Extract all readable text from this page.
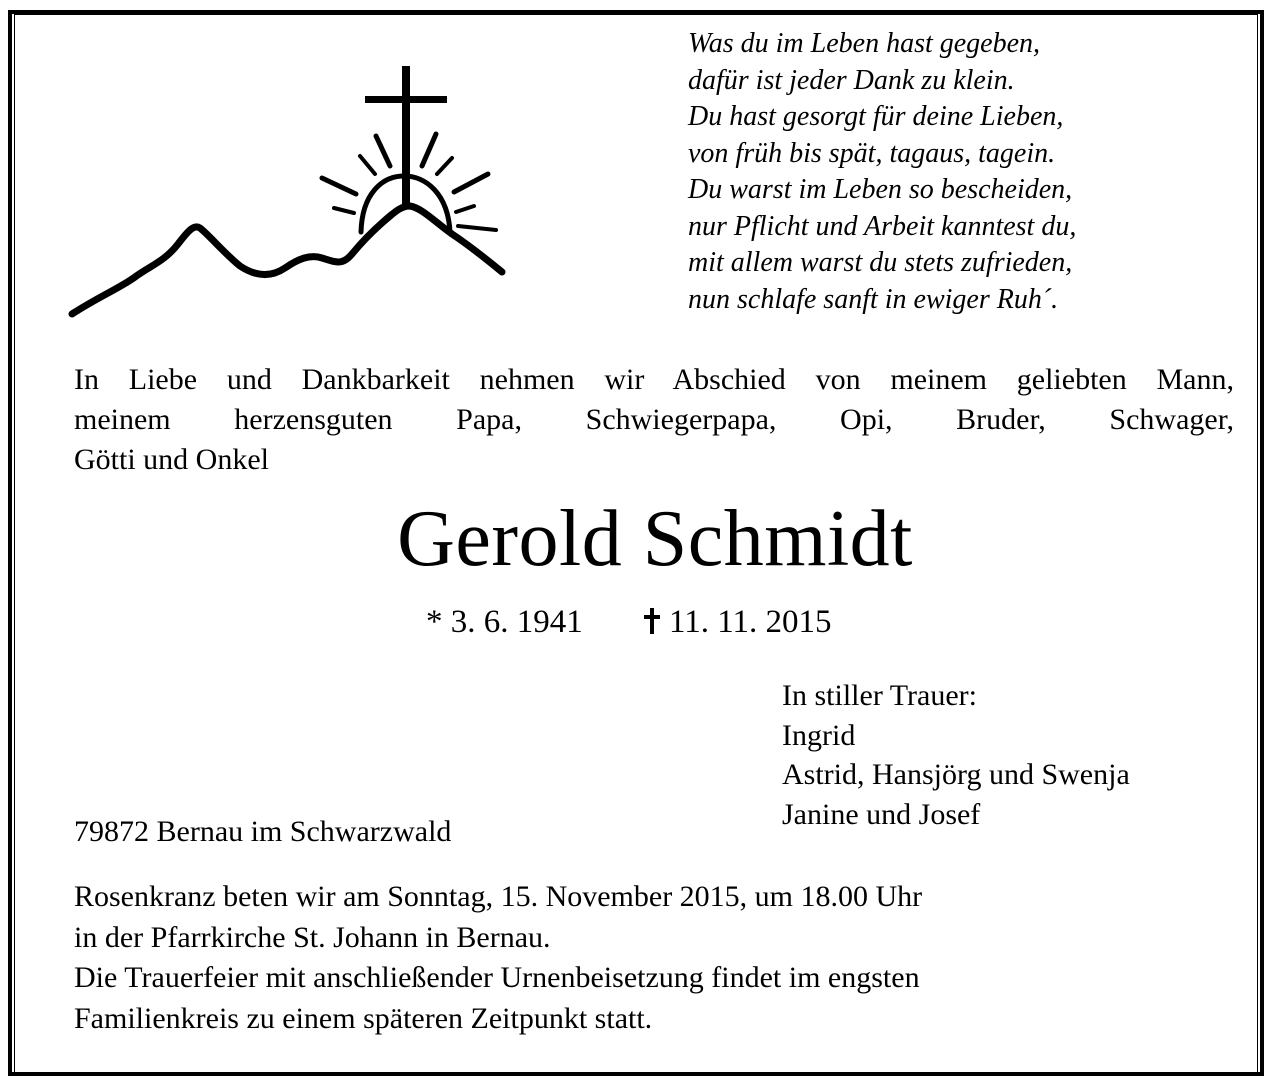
Was du im Leben hast gegeben,
dafür ist jeder Dank zu klein.
Du hast gesorgt für deine Lieben,
von früh bis spät, tagaus, tagein.
Du warst im Leben so bescheiden,
nur Pflicht und Arbeit kanntest du,
mit allem warst du stets zufrieden,
nun schlafe sanft in ewiger Ruh´.
In Liebe und Dankbarkeit nehmen wir Abschied von meinem geliebten Mann,
meinem herzensguten Papa, Schwiegerpapa, Opi, Bruder, Schwager,
Götti und Onkel
Gerold Schmidt
* 3. 6. 1941	11. 11. 2015
In stiller Trauer:
Ingrid
Astrid, Hansjörg und Swenja
Janine und Josef
79872 Bernau im Schwarzwald
Rosenkranz beten wir am Sonntag, 15. November 2015, um 18.00 Uhr
in der Pfarrkirche St. Johann in Bernau.
Die Trauerfeier mit anschließender Urnenbeisetzung findet im engsten
Familienkreis zu einem späteren Zeitpunkt statt.
